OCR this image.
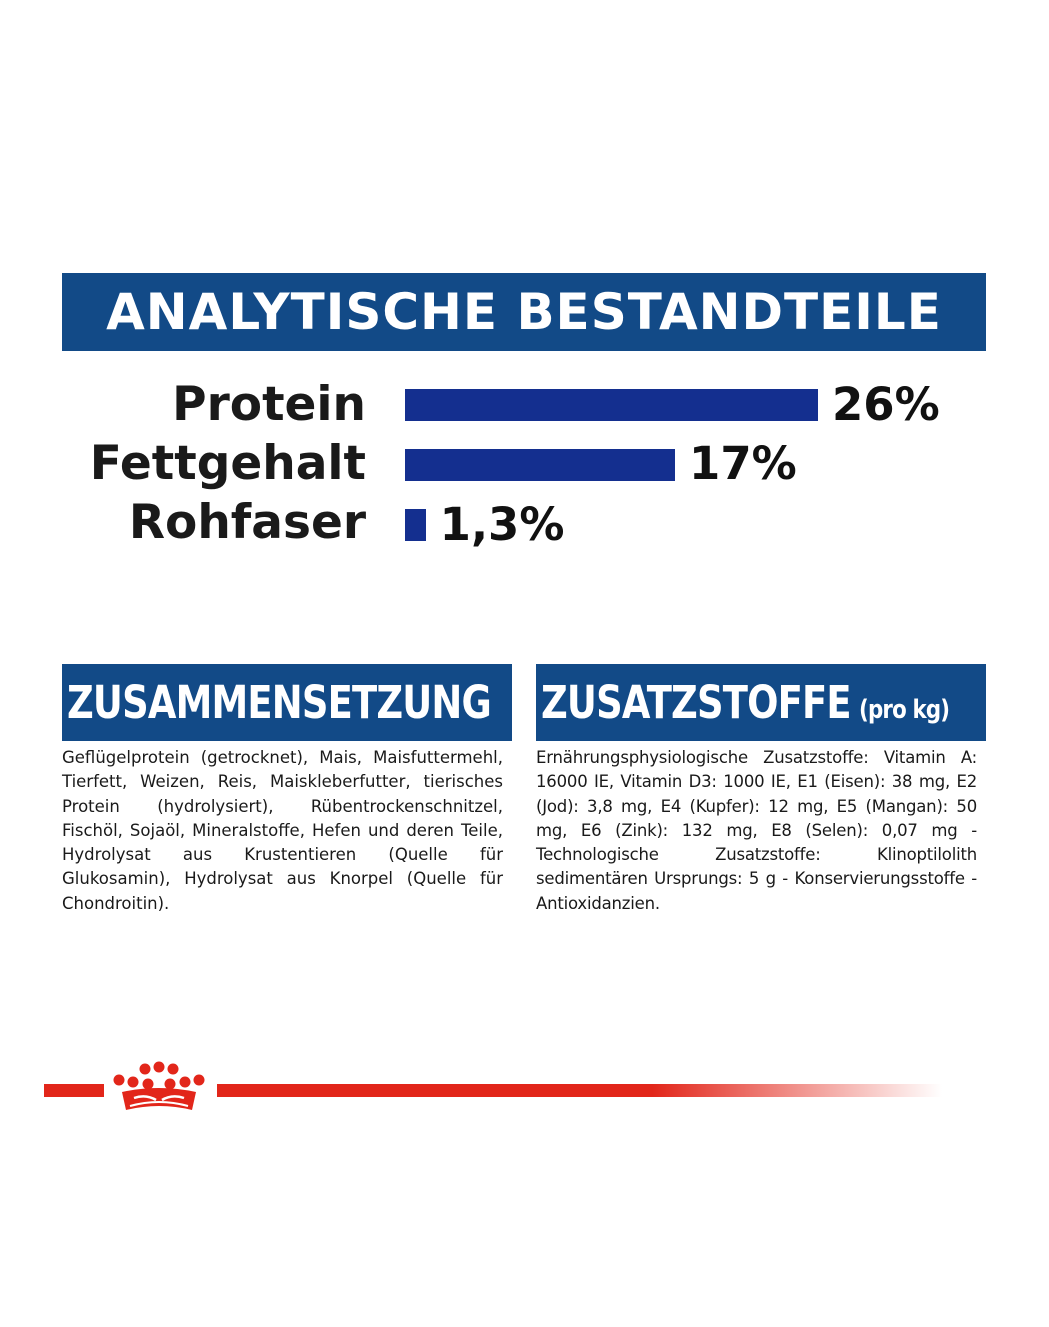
ANALYTISCHE BESTANDTEILE
Protein	26%
Fettgehalt	17%
Rohfaser 1,3%
ZUSAMMENSETZUNG ZUSATZSTOFFE (pro kg)
Geflügelprotein (getrocknet), Mais, Maisfuttermehl, Tierfett, Weizen, Reis, Maiskleberfutter, tierisches Protein (hydrolysiert), Rübentrockenschnitzel, Fischöl, Sojaöl, Mineralstoffe, Hefen und deren Teile, Hydrolysat aus Krustentieren (Quelle für Glukosamin), Hydrolysat aus Knorpel (Quelle für Chondroitin).
Ernährungsphysiologische Zusatzstoffe: Vitamin A: 16000 IE, Vitamin D3: 1000 IE, E1 (Eisen): 38 mg, E2 (Jod): 3,8 mg, E4 (Kupfer): 12 mg, E5 (Mangan): 50 mg, E6 (Zink): 132 mg, E8 (Selen): 0,07 mg - Technologische Zusatzstoffe: Klinoptilolith sedimentären Ursprungs: 5 g - Konservierungsstoffe - Antioxidanzien.
